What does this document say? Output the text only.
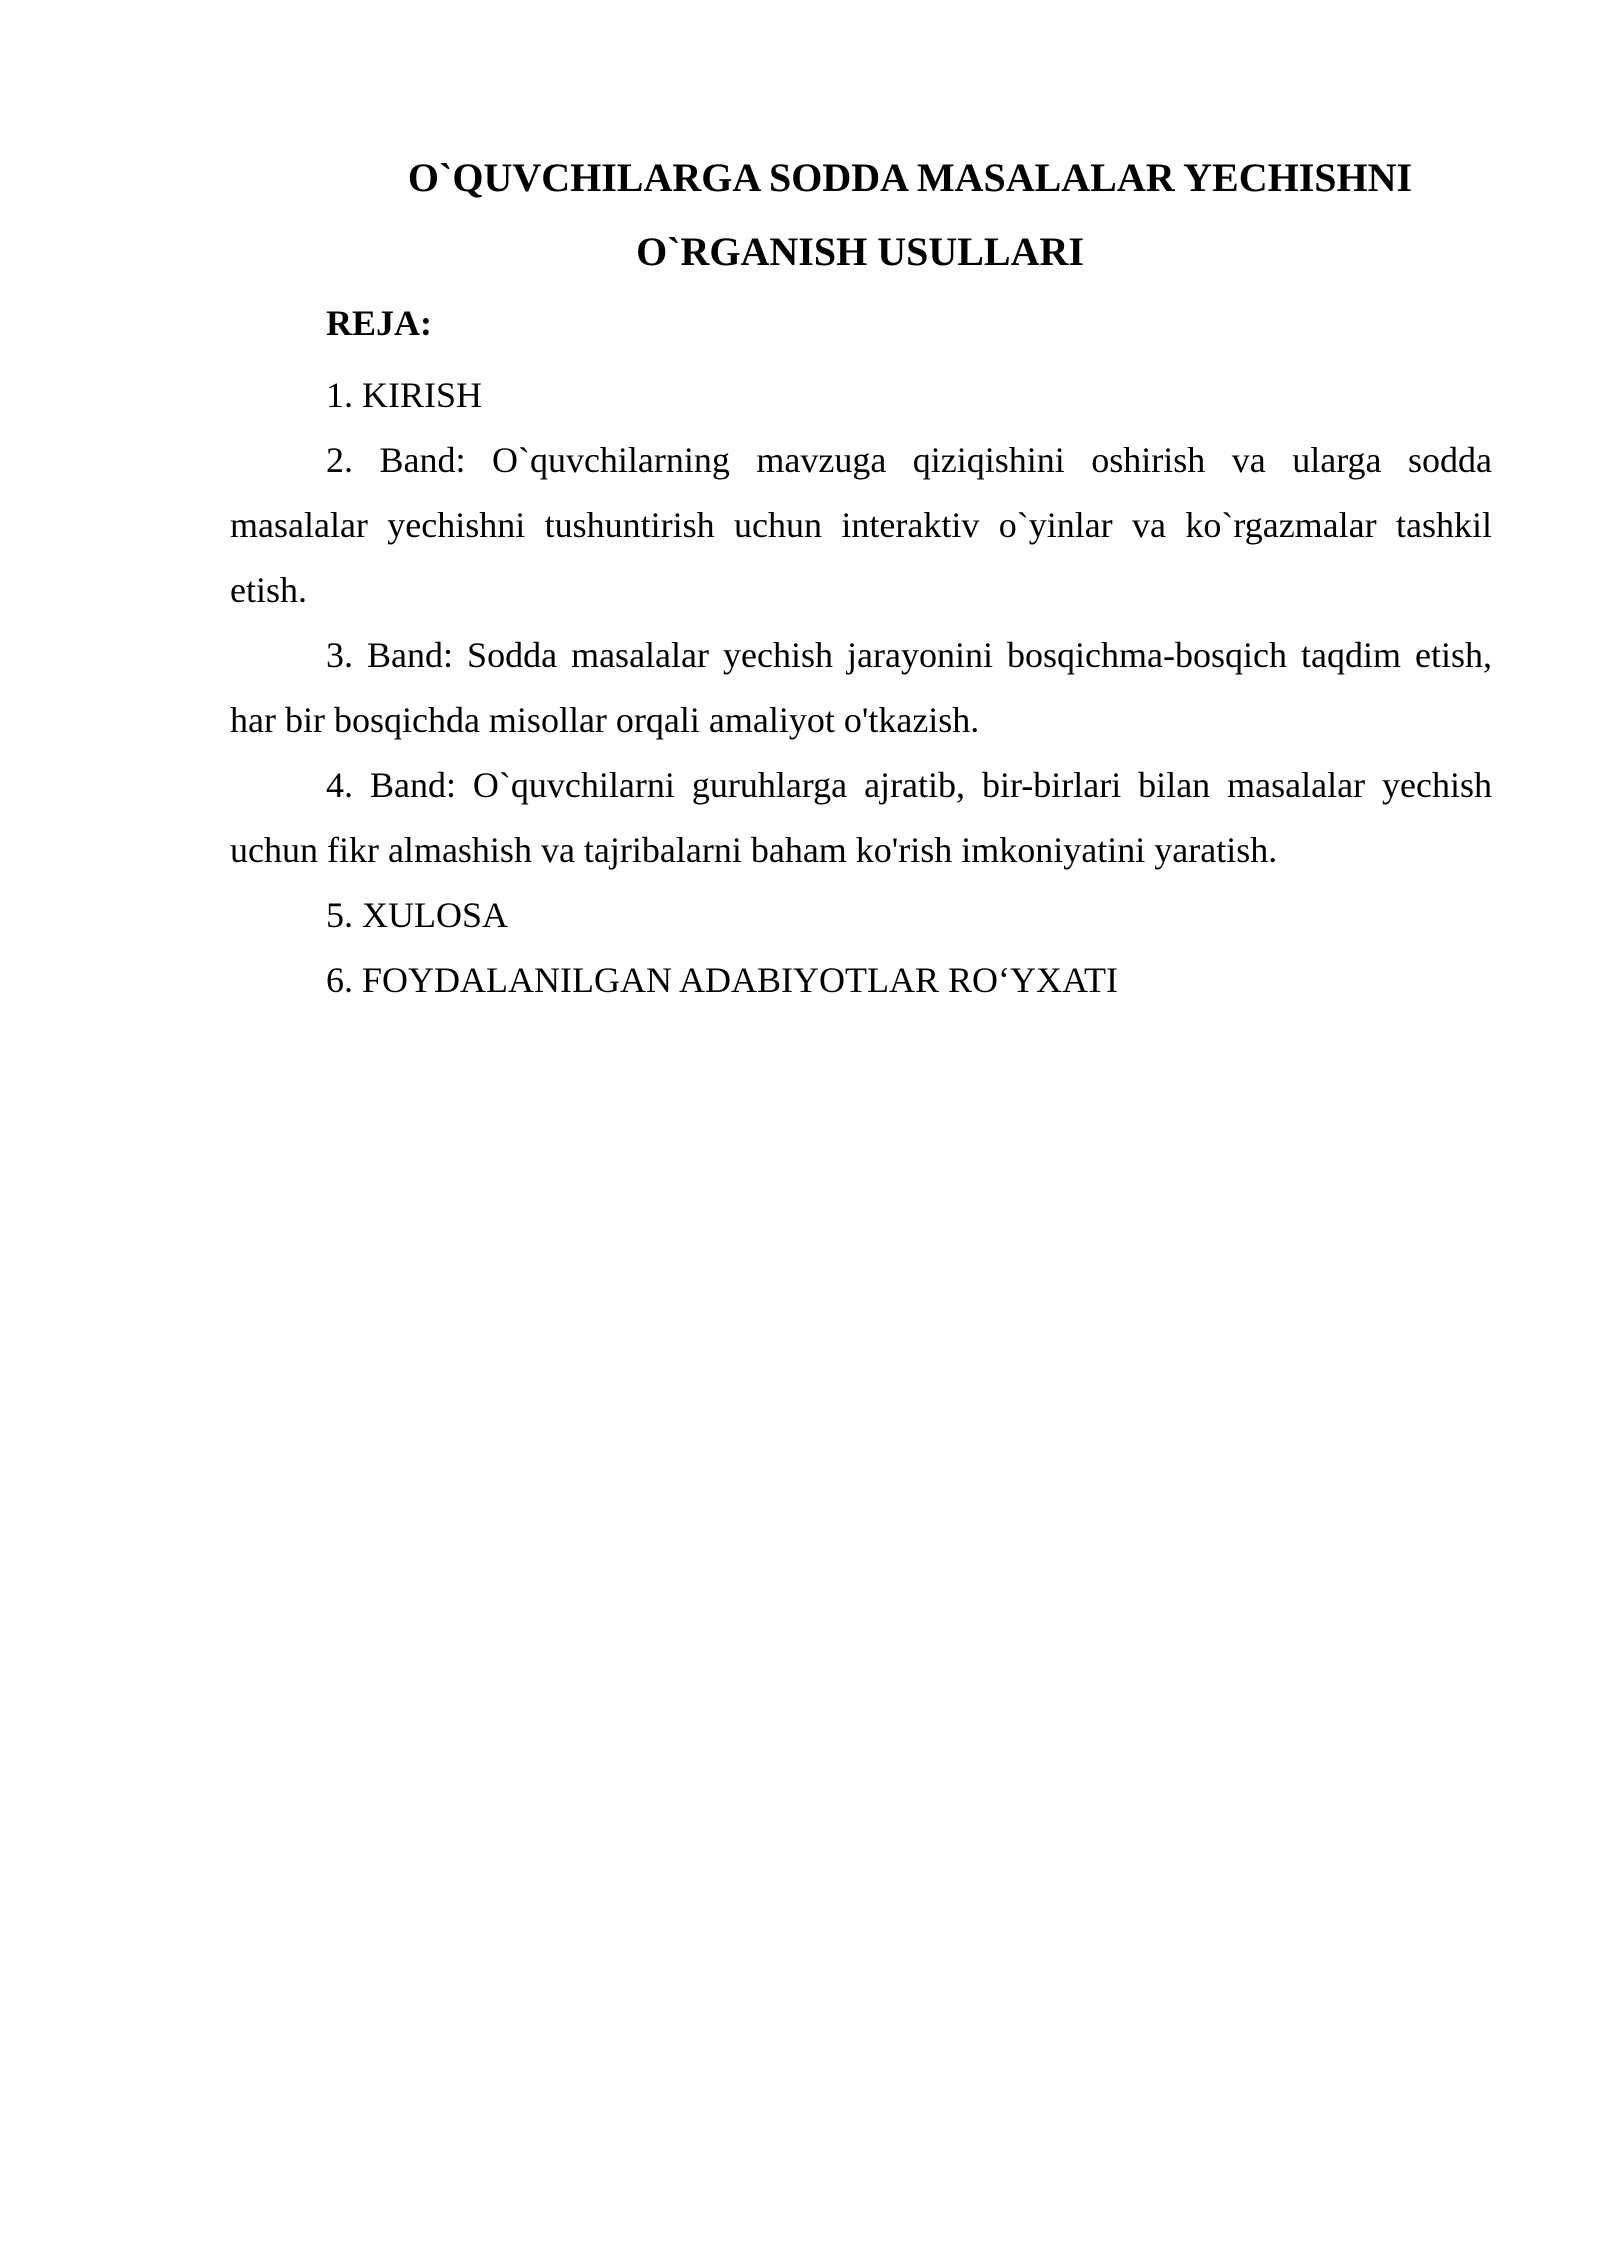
O`QUVCHILARGA SODDA MASALALAR YECHISHNI
O`RGANISH USULLARI

REJA:

1. KIRISH

2. Band: O`quvchilarning mavzuga qiziqishini oshirish va ularga sodda masalalar yechishni tushuntirish uchun interaktiv o`yinlar va ko`rgazmalar tashkil etish.

3. Band: Sodda masalalar yechish jarayonini bosqichma-bosqich taqdim etish, har bir bosqichda misollar orqali amaliyot o'tkazish.

4. Band: O`quvchilarni guruhlarga ajratib, bir-birlari bilan masalalar yechish uchun fikr almashish va tajribalarni baham ko'rish imkoniyatini yaratish.

5. XULOSA

6. FOYDALANILGAN ADABIYOTLAR RO‘YXATI
